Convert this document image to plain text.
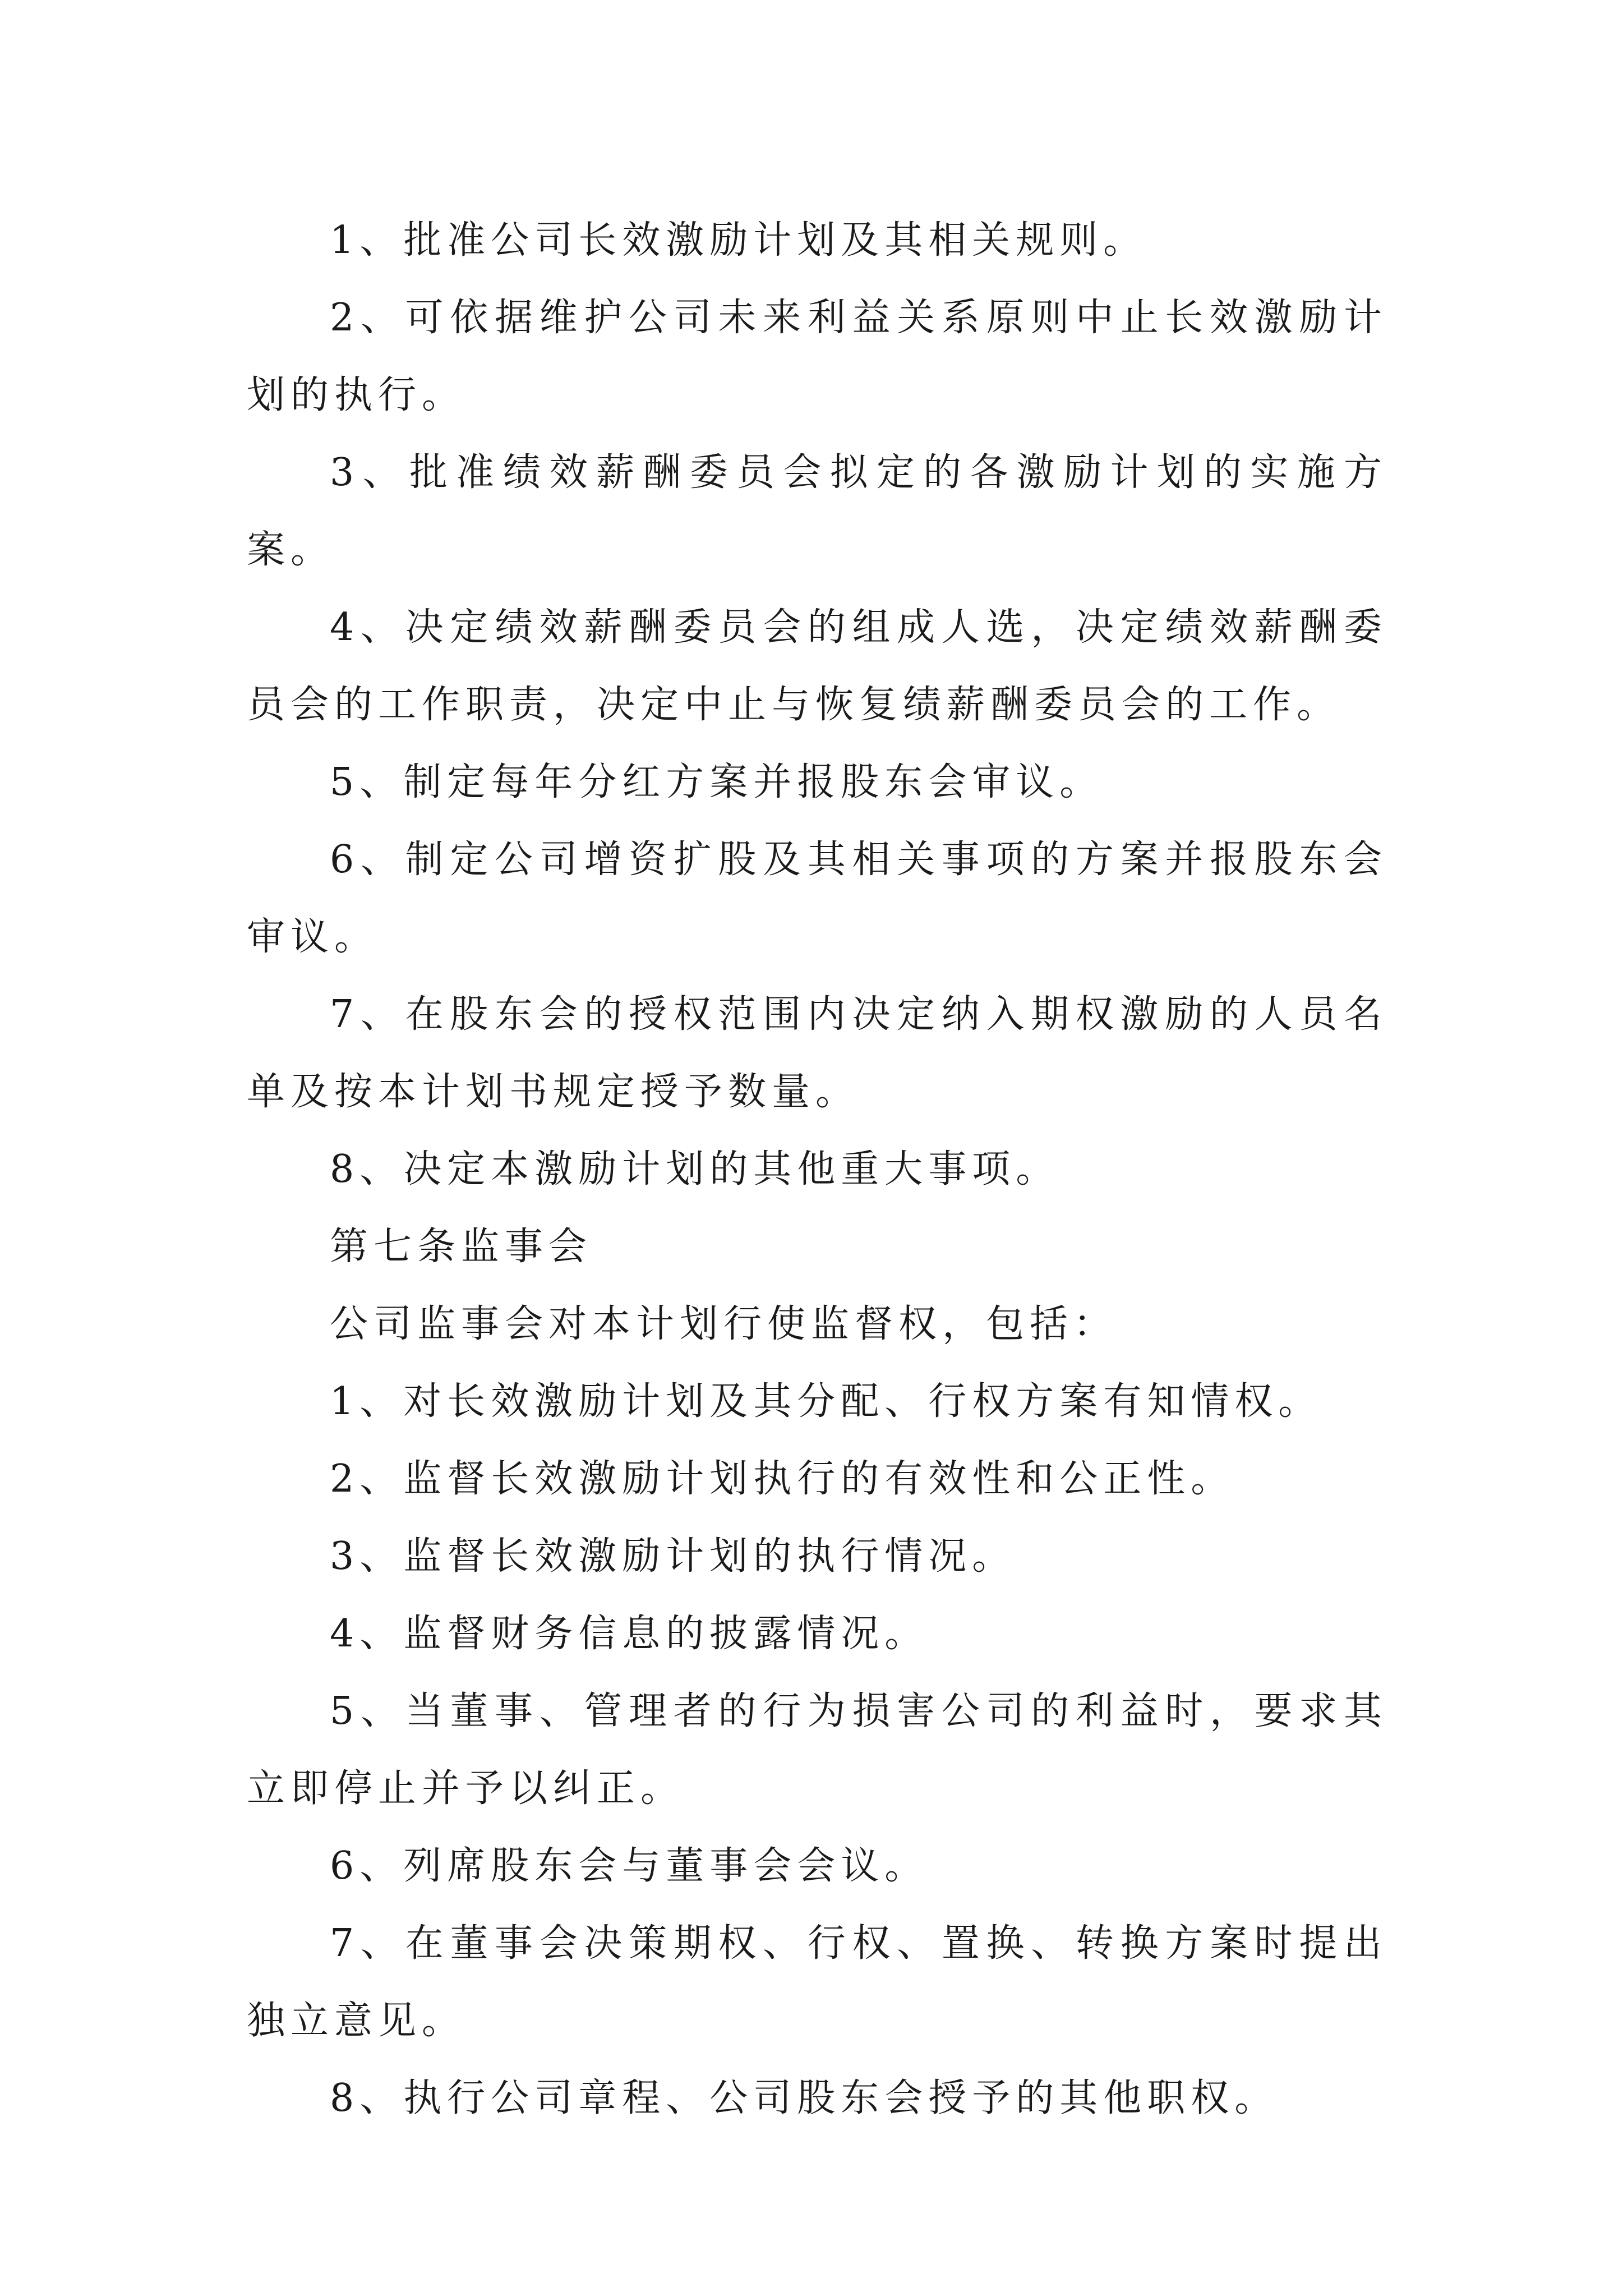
1、批准公司长效激励计划及其相关规则。

2、可依据维护公司未来利益关系原则中止长效激励计划的执行。

3、批准绩效薪酬委员会拟定的各激励计划的实施方案。

4、决定绩效薪酬委员会的组成人选，决定绩效薪酬委员会的工作职责，决定中止与恢复绩薪酬委员会的工作。

5、制定每年分红方案并报股东会审议。

6、制定公司增资扩股及其相关事项的方案并报股东会审议。

7、在股东会的授权范围内决定纳入期权激励的人员名单及按本计划书规定授予数量。

8、决定本激励计划的其他重大事项。

第七条监事会

公司监事会对本计划行使监督权，包括：

1、对长效激励计划及其分配、行权方案有知情权。

2、监督长效激励计划执行的有效性和公正性。

3、监督长效激励计划的执行情况。

4、监督财务信息的披露情况。

5、当董事、管理者的行为损害公司的利益时，要求其立即停止并予以纠正。

6、列席股东会与董事会会议。

7、在董事会决策期权、行权、置换、转换方案时提出独立意见。

8、执行公司章程、公司股东会授予的其他职权。
